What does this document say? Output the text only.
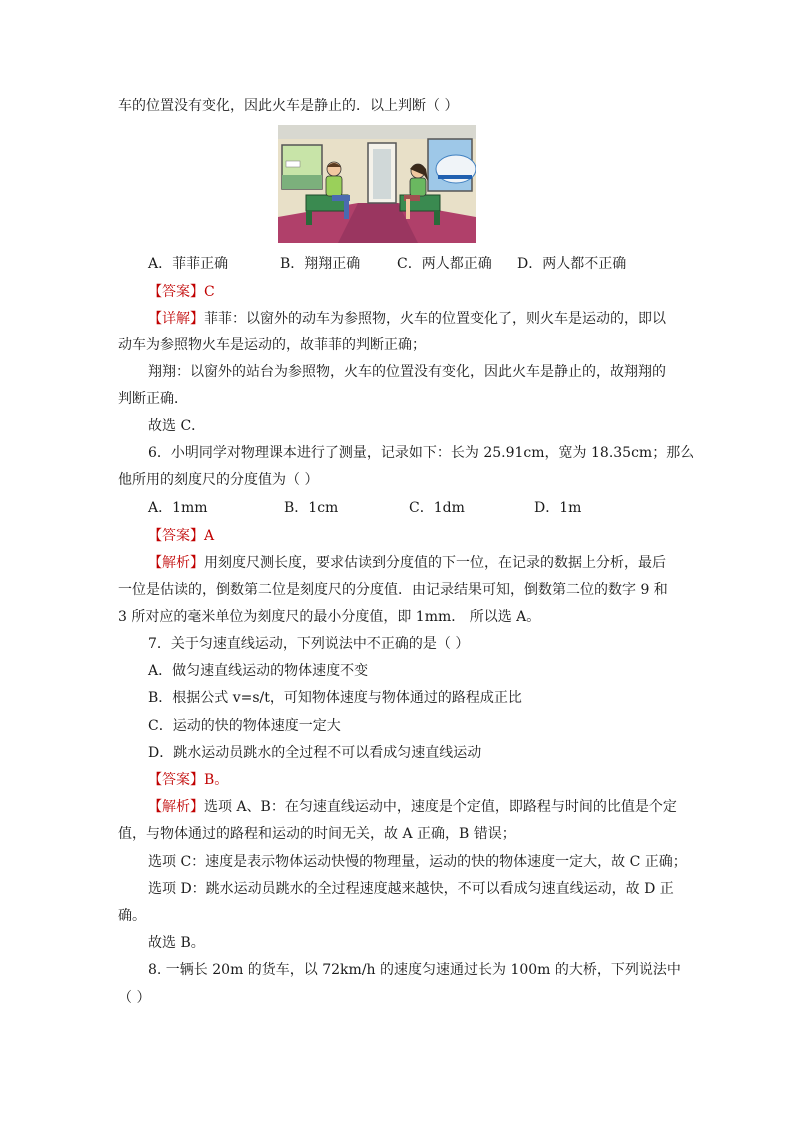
车的位置没有变化，因此火车是静止的．以上判断（ ）
A．菲菲正确	B．翔翔正确	C．两人都正确 D．两人都不正确
【答案】C
【详解】菲菲：以窗外的动车为参照物，火车的位置变化了，则火车是运动的，即以
动车为参照物火车是运动的，故菲菲的判断正确；
翔翔：以窗外的站台为参照物，火车的位置没有变化，因此火车是静止的，故翔翔的
判断正确．
故选 C．
6．小明同学对物理课本进行了测量，记录如下：长为 25.91cm，宽为 18.35cm；那么
他所用的刻度尺的分度值为（ ）
A．1mm	B．1cm	C．1dm	D．1m
【答案】A
【解析】用刻度尺测长度，要求估读到分度值的下一位，在记录的数据上分析，最后
一位是估读的，倒数第二位是刻度尺的分度值．由记录结果可知，倒数第二位的数字 9 和
3 所对应的毫米单位为刻度尺的最小分度值，即 1mm． 所以选 A。
7．关于匀速直线运动，下列说法中不正确的是（ ）
A．做匀速直线运动的物体速度不变
B．根据公式 v=s/t，可知物体速度与物体通过的路程成正比
C．运动的快的物体速度一定大
D．跳水运动员跳水的全过程不可以看成匀速直线运动
【答案】B。
【解析】选项 A、B：在匀速直线运动中，速度是个定值，即路程与时间的比值是个定
值，与物体通过的路程和运动的时间无关，故 A 正确，B 错误；
选项 C：速度是表示物体运动快慢的物理量，运动的快的物体速度一定大，故 C 正确；
选项 D：跳水运动员跳水的全过程速度越来越快，不可以看成匀速直线运动，故 D 正
确。
故选 B。
8. 一辆长 20m 的货车，以 72km/h 的速度匀速通过长为 100m 的大桥，下列说法中
（ ）
